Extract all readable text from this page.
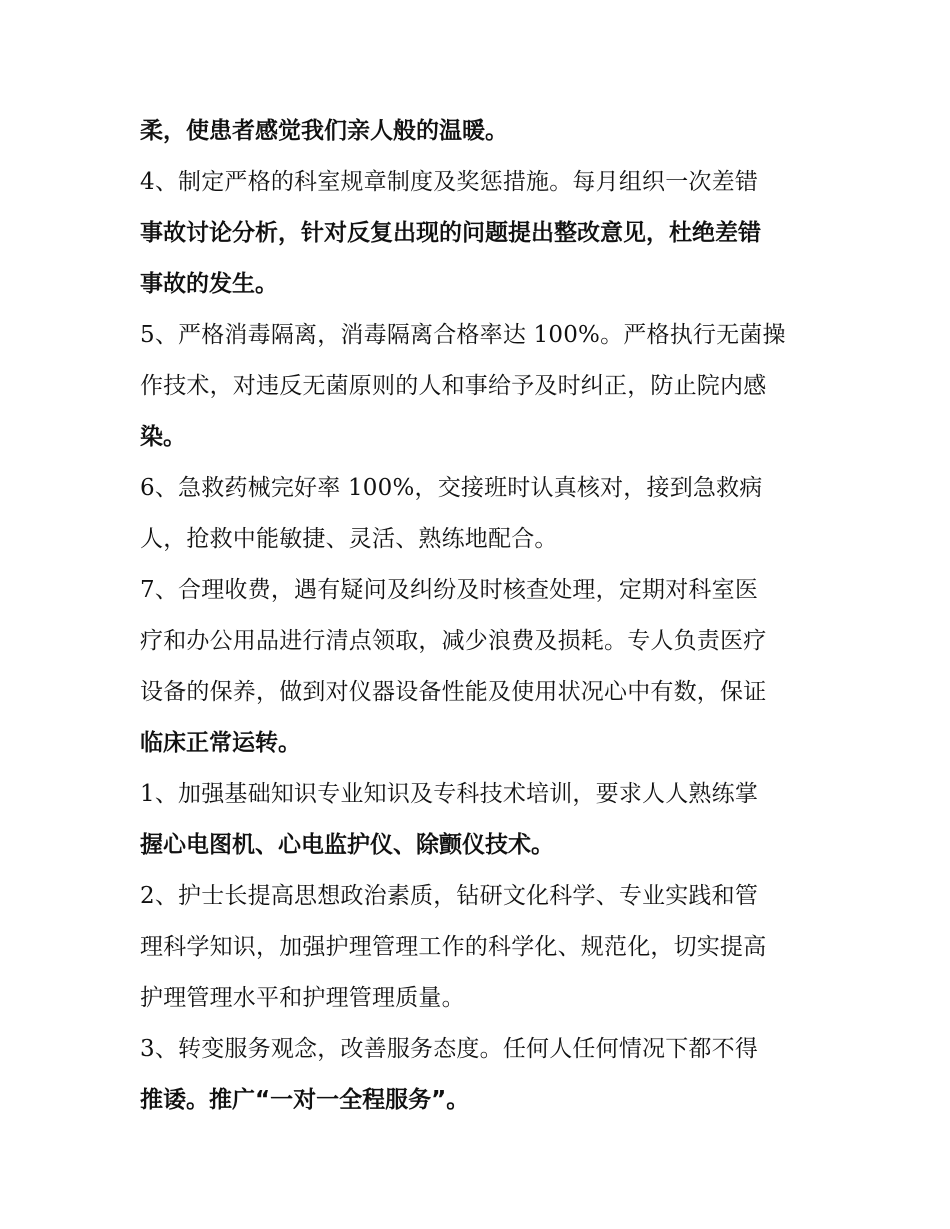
柔，使患者感觉我们亲人般的温暖。
4、制定严格的科室规章制度及奖惩措施。每月组织一次差错
事故讨论分析，针对反复出现的问题提出整改意见，杜绝差错
事故的发生。
5、严格消毒隔离，消毒隔离合格率达 100%。严格执行无菌操
作技术，对违反无菌原则的人和事给予及时纠正，防止院内感
染。
6、急救药械完好率 100%，交接班时认真核对，接到急救病
人，抢救中能敏捷、灵活、熟练地配合。
7、合理收费，遇有疑问及纠纷及时核查处理，定期对科室医
疗和办公用品进行清点领取，减少浪费及损耗。专人负责医疗
设备的保养，做到对仪器设备性能及使用状况心中有数，保证
临床正常运转。
1、加强基础知识专业知识及专科技术培训，要求人人熟练掌
握心电图机、心电监护仪、除颤仪技术。
2、护士长提高思想政治素质，钻研文化科学、专业实践和管
理科学知识，加强护理管理工作的科学化、规范化，切实提高
护理管理水平和护理管理质量。
3、转变服务观念，改善服务态度。任何人任何情况下都不得
推诿。推广“一对一全程服务”。
